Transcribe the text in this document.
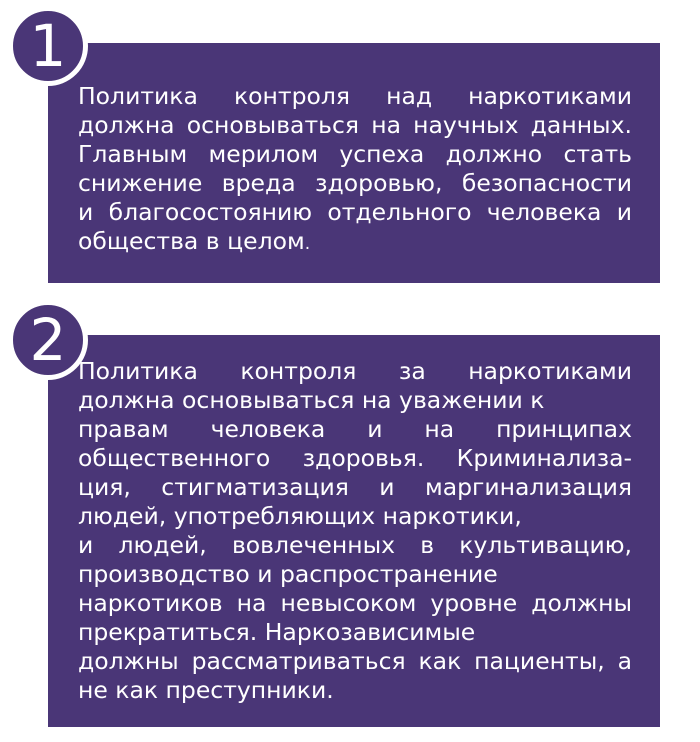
Политика контроля над наркотиками
должна основываться на научных данных.
Главным мерилом успеха должно стать
снижение вреда здоровью, безопасности
и благосостоянию отдельного человека и
общества в целом.
1
Политика контроля за наркотиками
должна основываться на уважении к
правам человека и на принципах
общественного здоровья. Криминализа-
ция, стигматизация и маргинализация
людей, употребляющих наркотики,
и людей, вовлеченных в культивацию,
производство и распространение
наркотиков на невысоком уровне должны
прекратиться. Наркозависимые
должны рассматриваться как пациенты, а
не как преступники.
2
